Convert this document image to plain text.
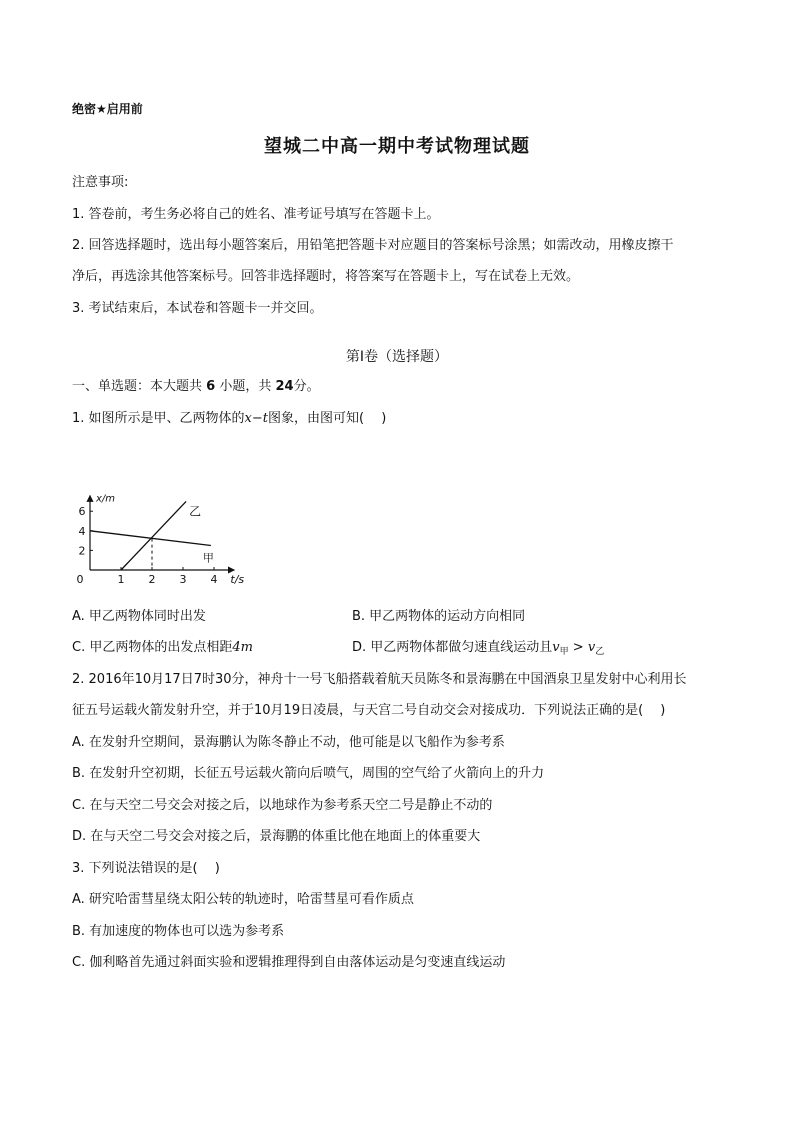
绝密★启用前
望城二中高一期中考试物理试题
注意事项:
1. 答卷前，考生务必将自己的姓名、准考证号填写在答题卡上。
2. 回答选择题时，选出每小题答案后，用铅笔把答题卡对应题目的答案标号涂黑；如需改动，用橡皮擦干
净后，再选涂其他答案标号。回答非选择题时，将答案写在答题卡上，写在试卷上无效。
3. 考试结束后，本试卷和答题卡一并交回。
第Ⅰ卷（选择题）
一、单选题：本大题共 6 小题，共 24分。
1. 如图所示是甲、乙两物体的x−t图象，由图可知(　 )
0	1 2 3 4
2
4
6
甲
乙
t/s
x/m
A. 甲乙两物体同时出发	B. 甲乙两物体的运动方向相同
C. 甲乙两物体的出发点相距4m	D. 甲乙两物体都做匀速直线运动且$v_甲 > v_乙$
2. 2016年10月17日7时30分，神舟十一号飞船搭载着航天员陈冬和景海鹏在中国酒泉卫星发射中心利用长
征五号运载火箭发射升空，并于10月19日凌晨，与天宫二号自动交会对接成功．下列说法正确的是(　 )
A. 在发射升空期间，景海鹏认为陈冬静止不动，他可能是以飞船作为参考系
B. 在发射升空初期，长征五号运载火箭向后喷气，周围的空气给了火箭向上的升力
C. 在与天空二号交会对接之后，以地球作为参考系天空二号是静止不动的
D. 在与天空二号交会对接之后，景海鹏的体重比他在地面上的体重要大
3. 下列说法错误的是(　 )
A. 研究哈雷彗星绕太阳公转的轨迹时，哈雷彗星可看作质点
B. 有加速度的物体也可以选为参考系
C. 伽利略首先通过斜面实验和逻辑推理得到自由落体运动是匀变速直线运动
